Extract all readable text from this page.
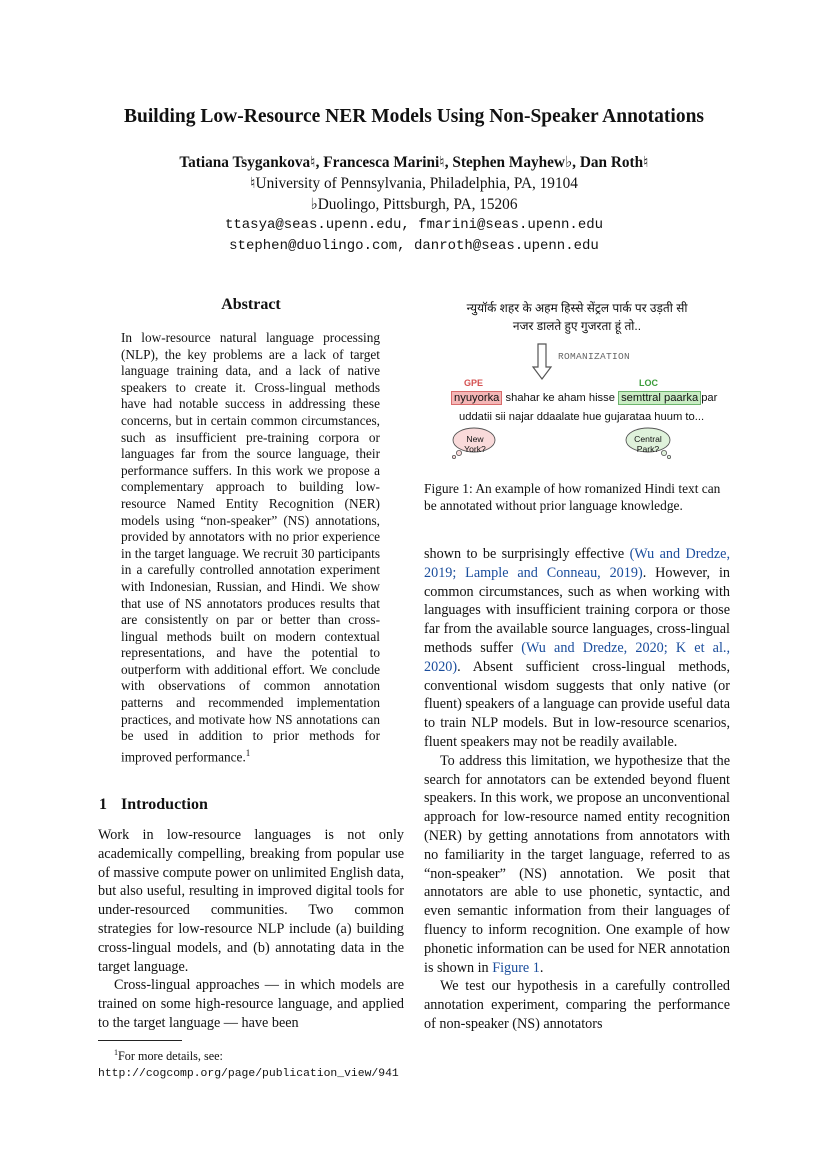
Building Low-Resource NER Models Using Non-Speaker Annotations
Tatiana Tsygankova♮, Francesca Marini♮, Stephen Mayhew♭, Dan Roth♮
♮University of Pennsylvania, Philadelphia, PA, 19104
♭Duolingo, Pittsburgh, PA, 15206
ttasya@seas.upenn.edu, fmarini@seas.upenn.edu
stephen@duolingo.com, danroth@seas.upenn.edu
Abstract
In low-resource natural language processing (NLP), the key problems are a lack of target language training data, and a lack of native speakers to create it. Cross-lingual methods have had notable success in addressing these concerns, but in certain common circumstances, such as insufficient pre-training corpora or languages far from the source language, their performance suffers. In this work we propose a complementary approach to building low-resource Named Entity Recognition (NER) models using “non-speaker” (NS) annotations, provided by annotators with no prior experience in the target language. We recruit 30 participants in a carefully controlled annotation experiment with Indonesian, Russian, and Hindi. We show that use of NS annotators produces results that are consistently on par or better than cross-lingual methods built on modern contextual representations, and have the potential to outperform with additional effort. We conclude with observations of common annotation patterns and recommended implementation practices, and motivate how NS annotations can be used in addition to prior methods for improved performance.$^1$
1 Introduction

Work in low-resource languages is not only academically compelling, breaking from popular use of massive compute power on unlimited English data, but also useful, resulting in improved digital tools for under-resourced communities. Two common strategies for low-resource NLP include (a) building cross-lingual models, and (b) annotating data in the target language.

Cross-lingual approaches — in which models are trained on some high-resource language, and applied to the target language — have been

$^1$For more details, see:
http://cogcomp.org/page/publication_view/941
न्युयॉर्क शहर के अहम हिस्से सेंट्रल पार्क पर उड़ती सी
नजर डालते हुए गुजरता हूं तो..
ROMANIZATION
GPE	LOC
nyuyorka shahar ke aham hisse semttral paarka par
uddatii sii najar ddaalate hue gujarataa huum to...
New
York?
Central
Park?
Figure 1: An example of how romanized Hindi text can be annotated without prior language knowledge.

shown to be surprisingly effective (Wu and Dredze, 2019; Lample and Conneau, 2019). However, in common circumstances, such as when working with languages with insufficient training corpora or those far from the available source languages, cross-lingual methods suffer (Wu and Dredze, 2020; K et al., 2020). Absent sufficient cross-lingual methods, conventional wisdom suggests that only native (or fluent) speakers of a language can provide useful data to train NLP models. But in low-resource scenarios, fluent speakers may not be readily available.

To address this limitation, we hypothesize that the search for annotators can be extended beyond fluent speakers. In this work, we propose an unconventional approach for low-resource named entity recognition (NER) by getting annotations from annotators with no familiarity in the target language, referred to as “non-speaker” (NS) annotation. We posit that annotators are able to use phonetic, syntactic, and even semantic information from their languages of fluency to inform recognition. One example of how phonetic information can be used for NER annotation is shown in Figure 1.

We test our hypothesis in a carefully controlled annotation experiment, comparing the performance of non-speaker (NS) annotators
